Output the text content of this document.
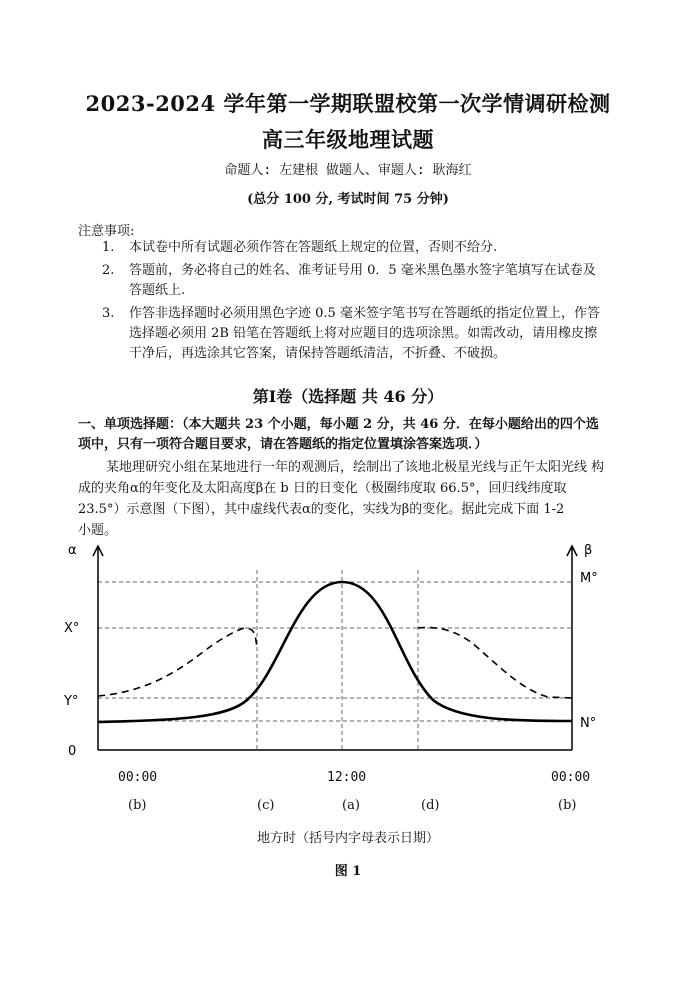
2023-2024 学年第一学期联盟校第一次学情调研检测
高三年级地理试题
命题人: 左建根 做题人、审题人: 耿海红
(总分 100 分, 考试时间 75 分钟)
注意事项:
1. 本试卷中所有试题必须作答在答题纸上规定的位置，否则不给分.
2. 答题前，务必将自己的姓名、准考证号用 0．5 毫米黑色墨水签字笔填写在试卷及
答题纸上.
3. 作答非选择题时必须用黑色字迹 0.5 毫米签字笔书写在答题纸的指定位置上，作答
选择题必须用 2B 铅笔在答题纸上将对应题目的选项涂黑。如需改动，请用橡皮擦
干净后，再选涂其它答案，请保持答题纸清洁，不折叠、不破损。
第Ⅰ卷（选择题 共 46 分）
一、单项选择题：（本大题共 23 个小题，每小题 2 分，共 46 分．在每小题给出的四个选
项中，只有一项符合题目要求，请在答题纸的指定位置填涂答案选项．）
某地理研究小组在某地进行一年的观测后，绘制出了该地北极星光线与正午太阳光线 构
成的夹角α的年变化及太阳高度β在 b 日的日变化（极圈纬度取 66.5°，回归线纬度取
23.5°）示意图（下图），其中虚线代表α的变化，实线为β的变化。据此完成下面 1-2
小题。
α
X°
Y°
0
β
M°
N°
00:00	12:00	00:00
(b)	(c)	(a)	(d)	(b)
地方时（括号内字母表示日期）
图 1
